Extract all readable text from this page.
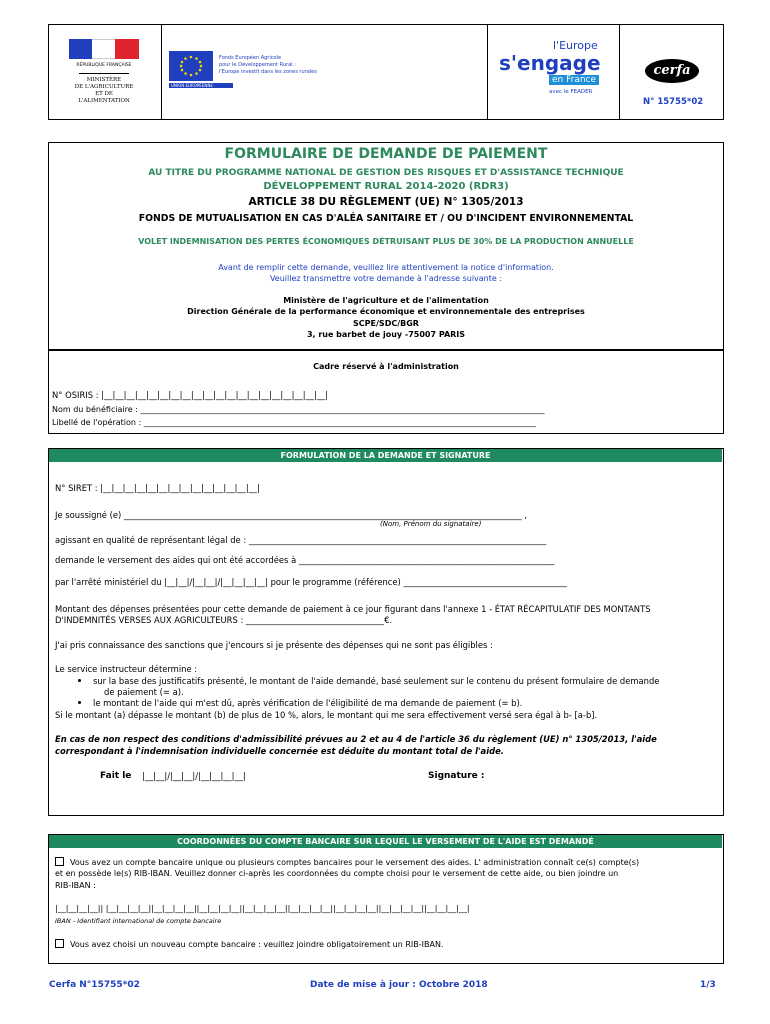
RÉPUBLIQUE FRANÇAISE
MINISTÈRE
DE L'AGRICULTURE
ET DE
L'ALIMENTATION
UNION EUROPÉENNE
Fonds Européen Agricole
pour le Développement Rural :
l'Europe investit dans les zones rurales
l'Europe
s'engage
en France
avec le FEADER
cerfa
N° 15755*02
FORMULAIRE DE DEMANDE DE PAIEMENT
AU TITRE DU PROGRAMME NATIONAL DE GESTION DES RISQUES ET D'ASSISTANCE TECHNIQUE
DÉVELOPPEMENT RURAL 2014-2020 (RDR3)
ARTICLE 38 DU RÈGLEMENT (UE) N° 1305/2013
FONDS DE MUTUALISATION EN CAS D'ALÉA SANITAIRE ET / OU D'INCIDENT ENVIRONNEMENTAL
VOLET INDEMNISATION DES PERTES ÉCONOMIQUES DÉTRUISANT PLUS DE 30% DE LA PRODUCTION ANNUELLE
Avant de remplir cette demande, veuillez lire attentivement la notice d'information.
Veuillez transmettre votre demande à l'adresse suivante :
Ministère de l'agriculture et de l'alimentation
Direction Générale de la performance économique et environnementale des entreprises
SCPE/SDC/BGR
3, rue barbet de jouy -75007 PARIS
Cadre réservé à l'administration
N° OSIRIS : |__|__|__|__|__|__|__|__|__|__|__|__|__|__|__|__|__|__|__|__|
Nom du bénéficiaire : _____________________________________________________________________________________________________
Libellé de l'opération : __________________________________________________________________________________________________
FORMULATION DE LA DEMANDE ET SIGNATURE
N° SIRET : |__|__|__|__|__|__|__|__|__|__|__|__|__|__|
Je soussigné (e) _______________________________________________________________________________________________ ,
(Nom, Prénom du signataire)
agissant en qualité de représentant légal de : _______________________________________________________________________
demande le versement des aides qui ont été accordées à _____________________________________________________________
par l'arrêté ministériel du |__|__|/|__|__|/|__|__|__|__| pour le programme (référence) _______________________________________
Montant des dépenses présentées pour cette demande de paiement à ce jour figurant dans l'annexe 1 - ÉTAT RÉCAPITULATIF DES MONTANTS
D'INDEMNITÉS VERSES AUX AGRICULTEURS : _________________________________€.
J'ai pris connaissance des sanctions que j'encours si je présente des dépenses qui ne sont pas éligibles :
Le service instructeur détermine :
sur la base des justificatifs présenté, le montant de l'aide demandé, basé seulement sur le contenu du présent formulaire de demande
de paiement (= a).
le montant de l'aide qui m'est dû, après vérification de l'éligibilité de ma demande de paiement (= b).
Si le montant (a) dépasse le montant (b) de plus de 10 %, alors, le montant qui me sera effectivement versé sera égal à b- [a-b].
En cas de non respect des conditions d'admissibilité prévues au 2 et au 4 de l'article 36 du règlement (UE) n° 1305/2013, l'aide
correspondant à l'indemnisation individuelle concernée est déduite du montant total de l'aide.
Fait le |__|__|/|__|__|/|__|__|__|__|	Signature :
COORDONNÉES DU COMPTE BANCAIRE SUR LEQUEL LE VERSEMENT DE L'AIDE EST DEMANDÉ
Vous avez un compte bancaire unique ou plusieurs comptes bancaires pour le versement des aides. L' administration connaît ce(s) compte(s)
et en possède le(s) RIB-IBAN. Veuillez donner ci-après les coordonnées du compte choisi pour le versement de cette aide, ou bien joindre un
RIB-IBAN :
|__|__|__|__|| |__|__|__|__||__|__|__|__||__|__|__|__||__|__|__|__||__|__|__|__||__|__|__|__||__|__|__|__||__|__|__|__|
IBAN - Identifiant international de compte bancaire
Vous avez choisi un nouveau compte bancaire : veuillez joindre obligatoirement un RIB-IBAN.
Cerfa N°15755*02	Date de mise à jour : Octobre 2018	1/3
